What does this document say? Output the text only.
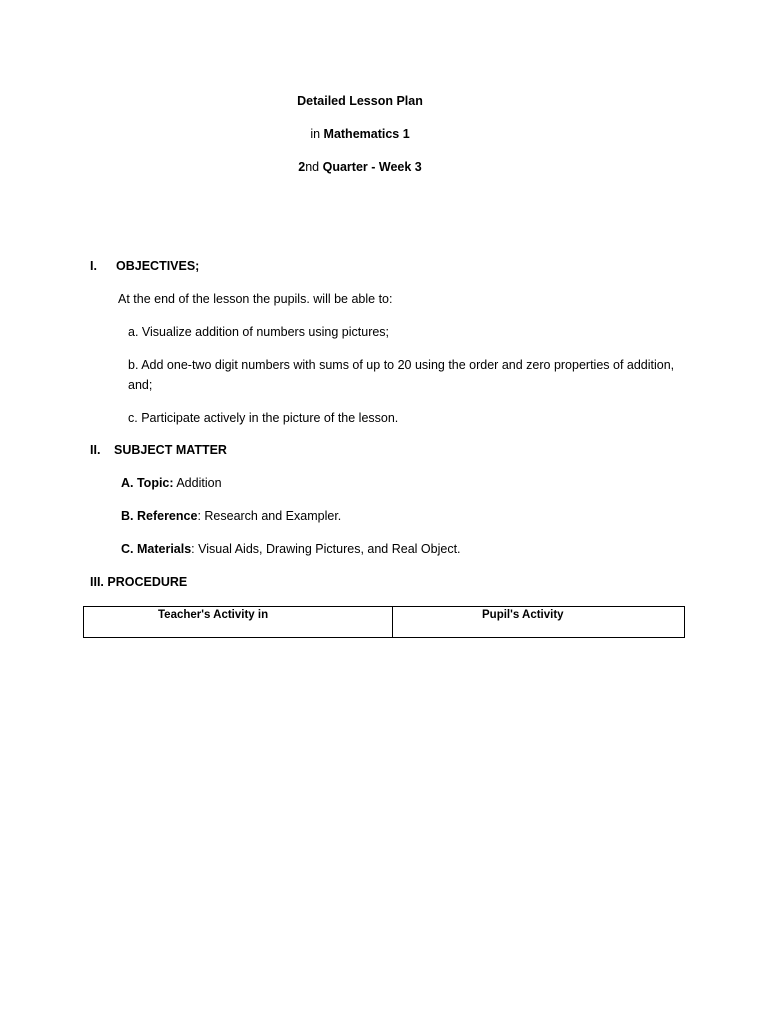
Detailed Lesson Plan
in Mathematics 1
2nd Quarter - Week 3
I. OBJECTIVES;
At the end of the lesson the pupils. will be able to:
a. Visualize addition of numbers using pictures;
b. Add one-two digit numbers with sums of up to 20 using the order and zero properties of addition, and;
c. Participate actively in the picture of the lesson.
II. SUBJECT MATTER
A. Topic: Addition
B. Reference: Research and Exampler.
C. Materials: Visual Aids, Drawing Pictures, and Real Object.
III. PROCEDURE
Teacher's Activity in	Pupil's Activity
